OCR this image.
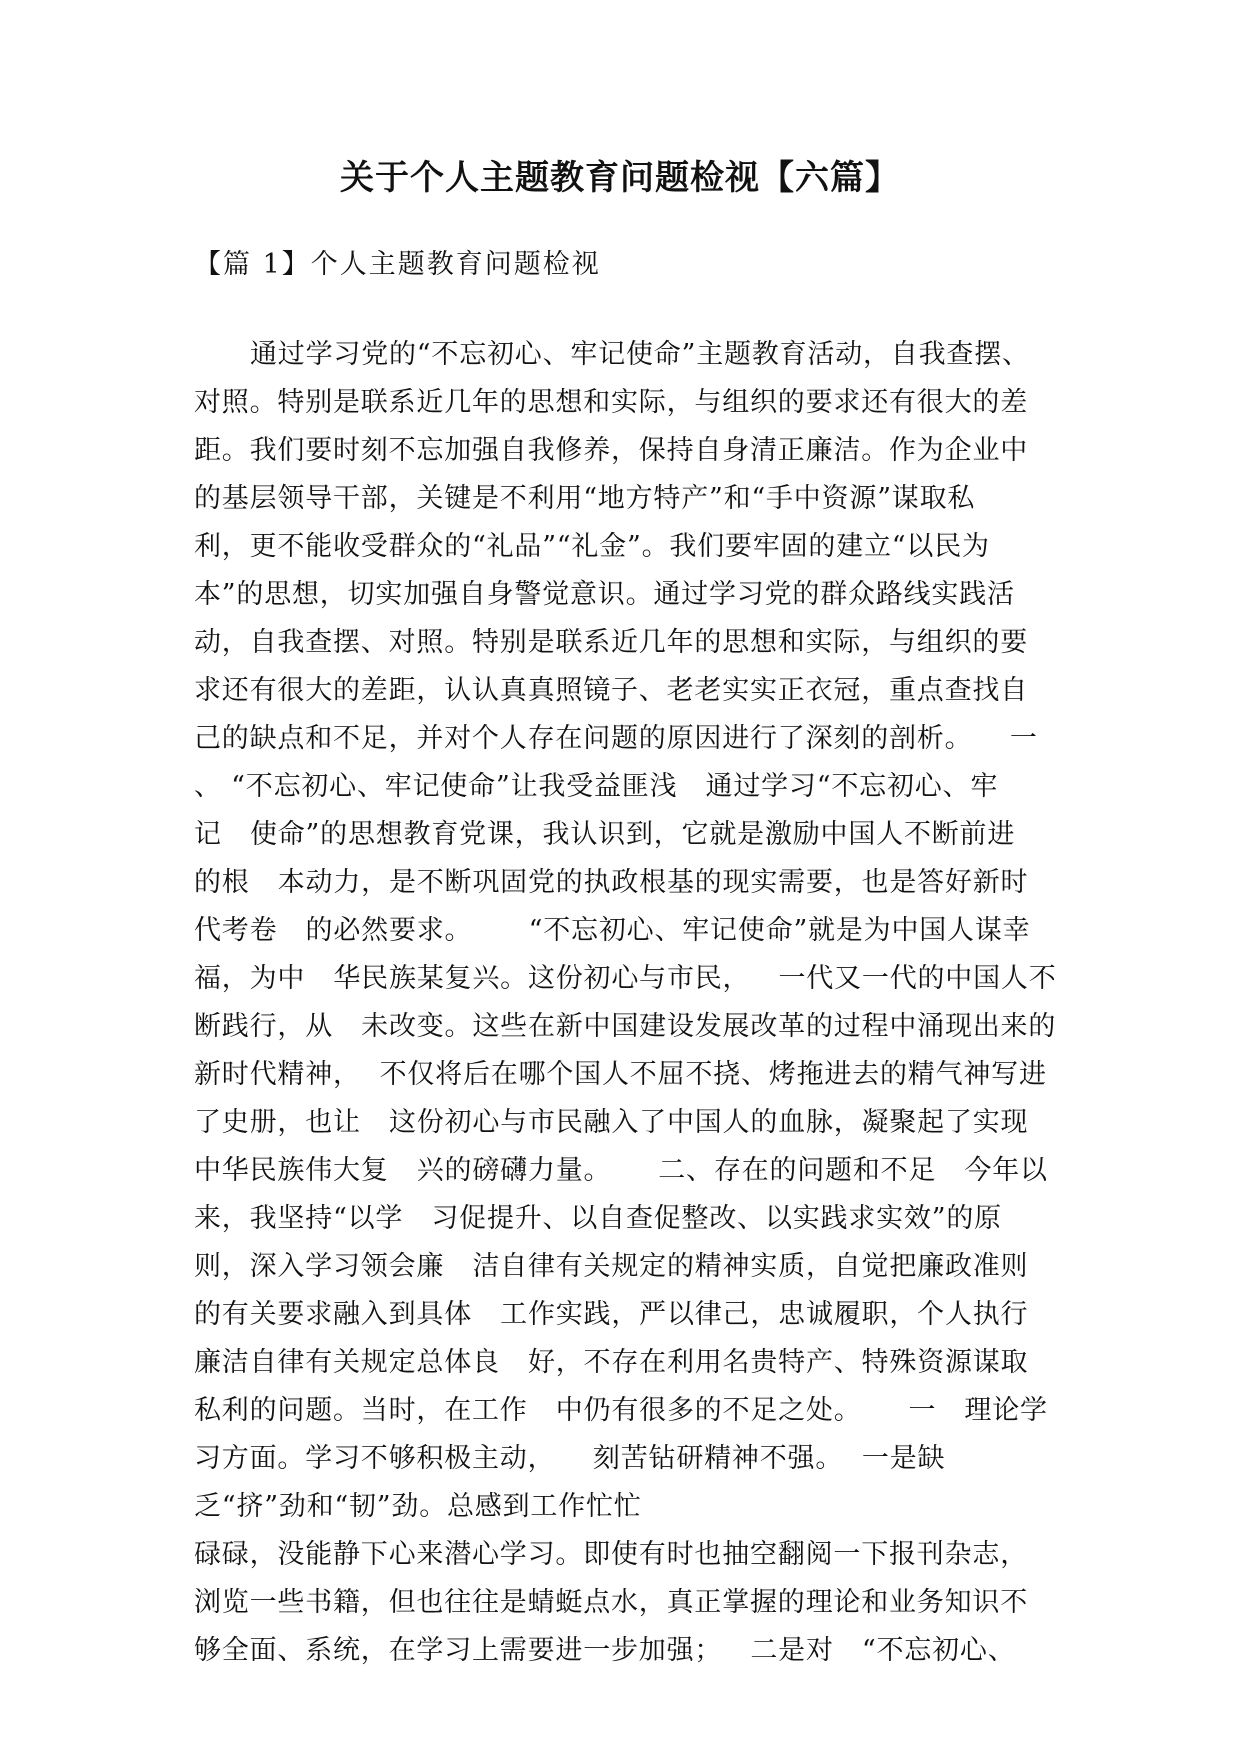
关于个人主题教育问题检视【六篇】
【篇 1】个人主题教育问题检视
通过学习党的“不忘初心、牢记使命”主题教育活动，自我查摆、
对照。特别是联系近几年的思想和实际，与组织的要求还有很大的差
距。我们要时刻不忘加强自我修养，保持自身清正廉洁。作为企业中
的基层领导干部，关键是不利用“地方特产”和“手中资源”谋取私
利，更不能收受群众的“礼品”“礼金”。我们要牢固的建立“以民为
本”的思想，切实加强自身警觉意识。通过学习党的群众路线实践活
动，自我查摆、对照。特别是联系近几年的思想和实际，与组织的要
求还有很大的差距，认认真真照镜子、老老实实正衣冠，重点查找自
己的缺点和不足，并对个人存在问题的原因进行了深刻的剖析。    一
、 “不忘初心、牢记使命”让我受益匪浅   通过学习“不忘初心、牢
记   使命”的思想教育党课，我认识到，它就是激励中国人不断前进
的根   本动力，是不断巩固党的执政根基的现实需要，也是答好新时
代考卷   的必然要求。      “不忘初心、牢记使命”就是为中国人谋幸
福，为中   华民族某复兴。这份初心与市民，   一代又一代的中国人不
断践行，从   未改变。这些在新中国建设发展改革的过程中涌现出来的
新时代精神，  不仅将后在哪个国人不屈不挠、烤拖进去的精气神写进
了史册，也让   这份初心与市民融入了中国人的血脉，凝聚起了实现
中华民族伟大复   兴的磅礴力量。     二、存在的问题和不足   今年以
来，我坚持“以学   习促提升、以自查促整改、以实践求实效”的原
则，深入学习领会廉   洁自律有关规定的精神实质，自觉把廉政准则
的有关要求融入到具体   工作实践，严以律己，忠诚履职，个人执行
廉洁自律有关规定总体良   好，不存在利用名贵特产、特殊资源谋取
私利的问题。当时，在工作   中仍有很多的不足之处。     一   理论学
习方面。学习不够积极主动，    刻苦钻研精神不强。  一是缺
乏“挤”劲和“韧”劲。总感到工作忙忙
碌碌，没能静下心来潜心学习。即使有时也抽空翻阅一下报刊杂志，
浏览一些书籍，但也往往是蜻蜓点水，真正掌握的理论和业务知识不
够全面、系统，在学习上需要进一步加强；   二是对   “不忘初心、
